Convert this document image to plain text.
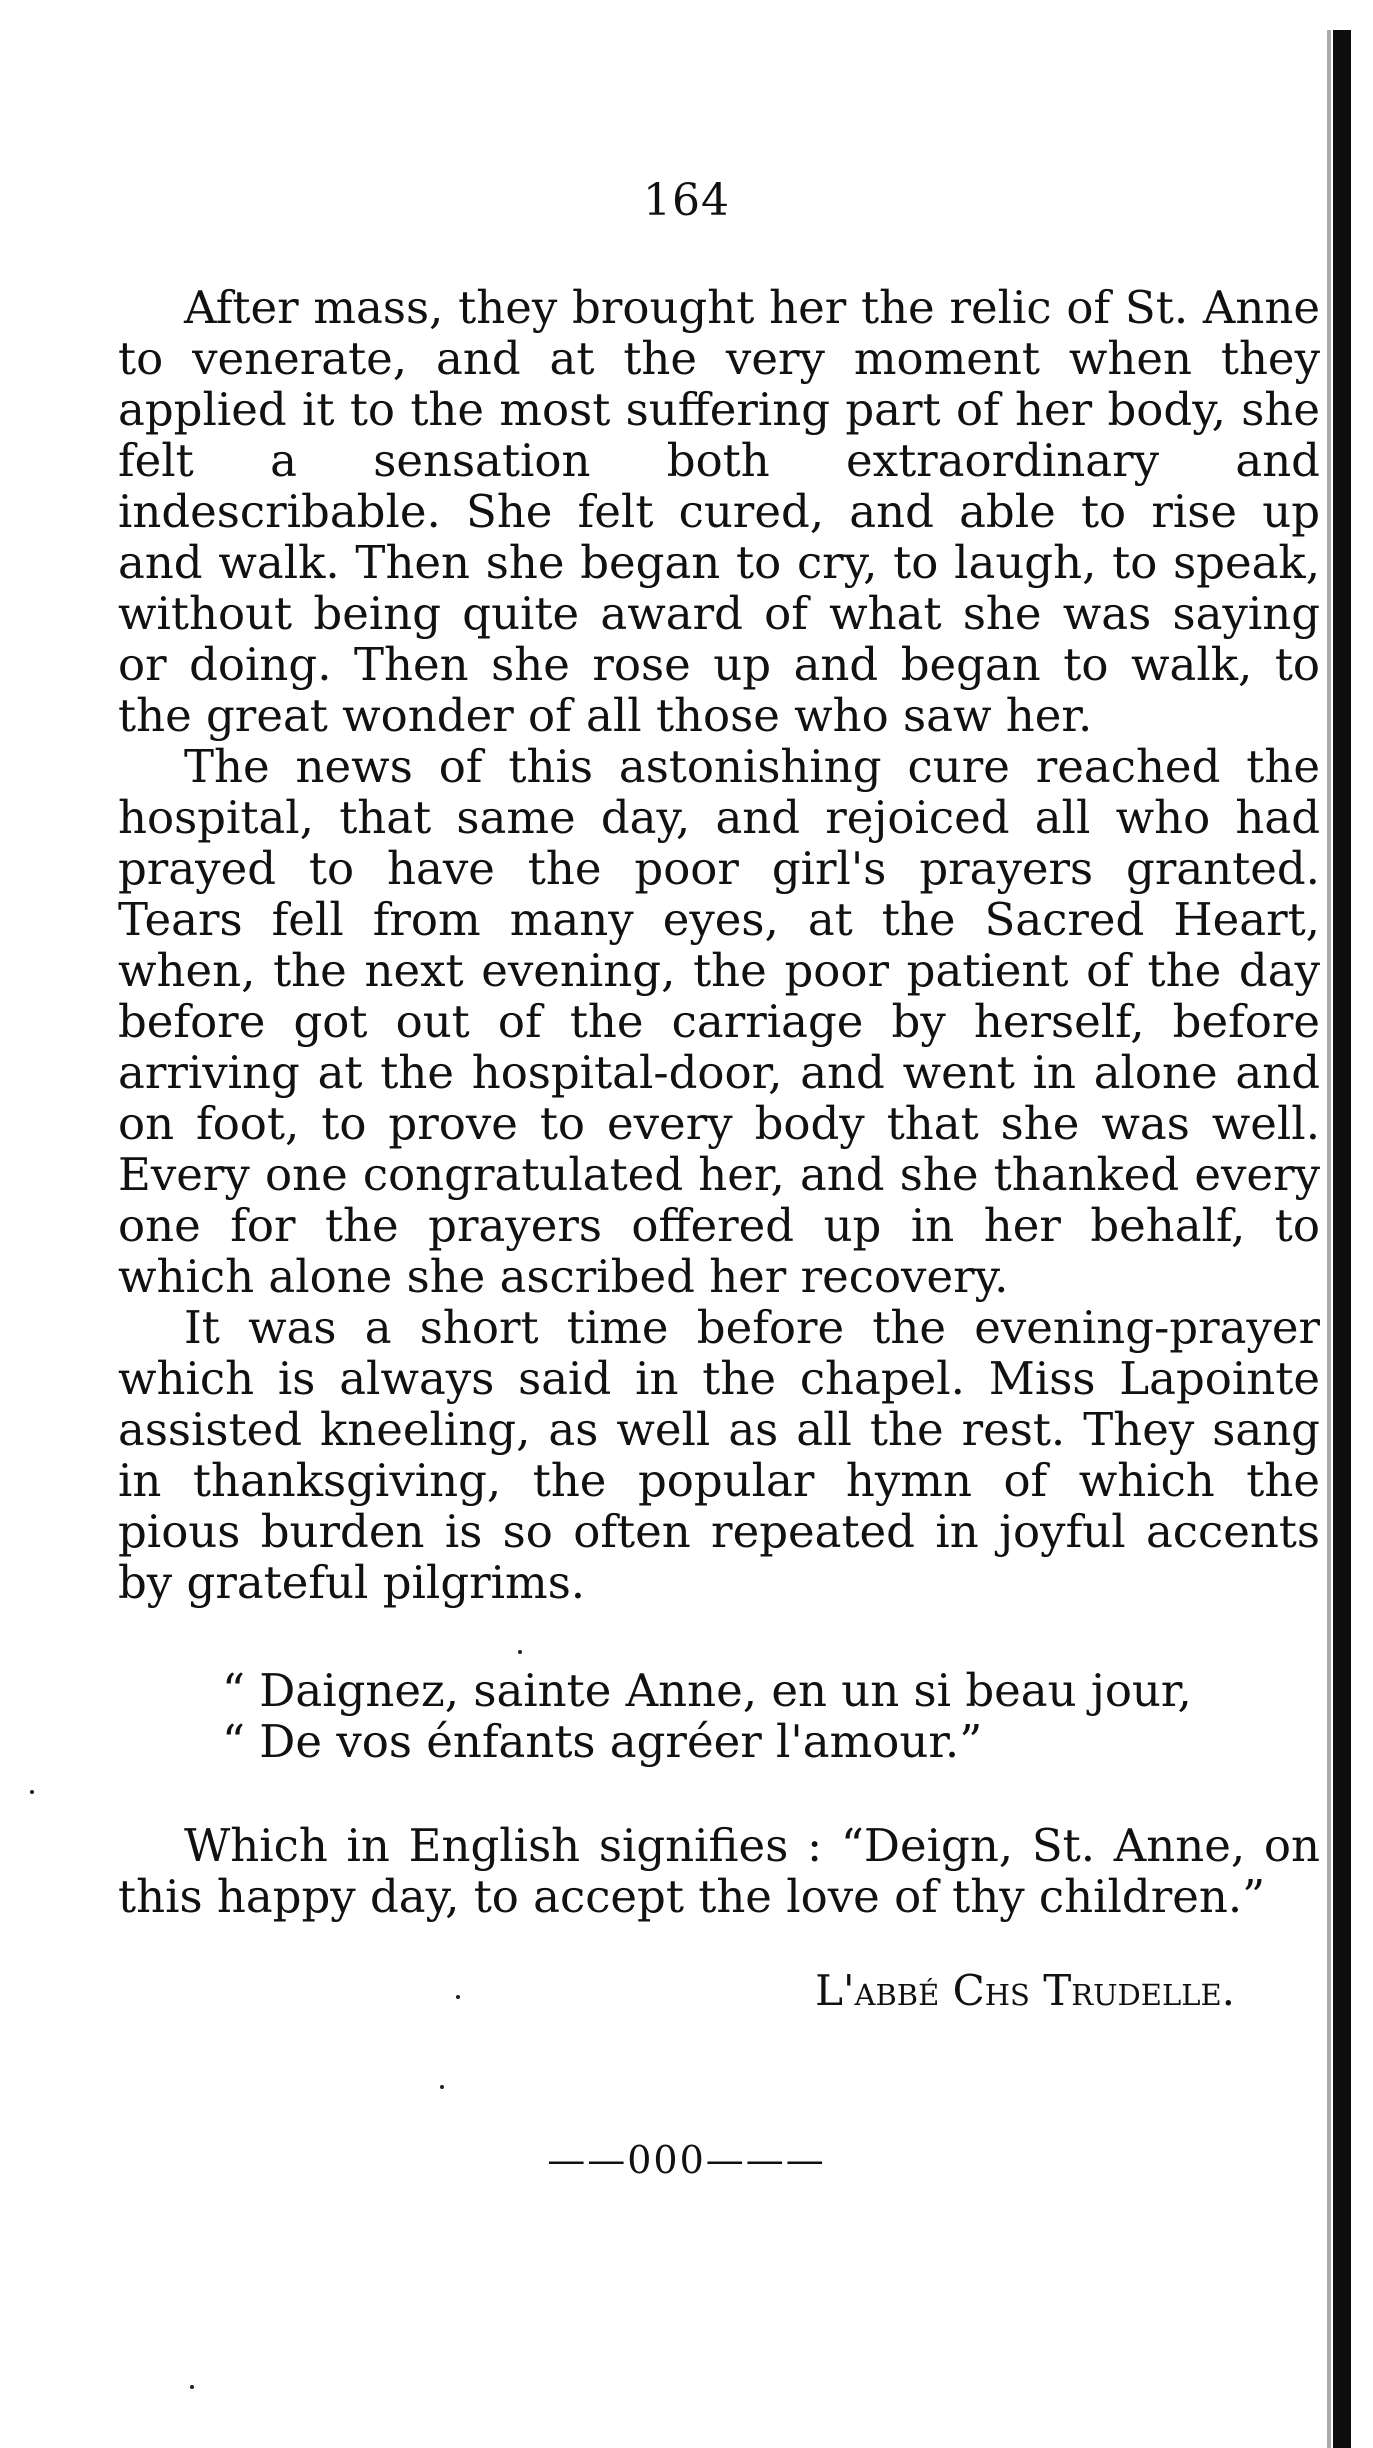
164

After mass, they brought her the relic of St. Anne to venerate, and at the very moment when they applied it to the most suffering part of her body, she felt a sensation both extraordinary and indescribable. She felt cured, and able to rise up and walk. Then she began to cry, to laugh, to speak, without being quite award of what she was saying or doing. Then she rose up and began to walk, to the great wonder of all those who saw her.

The news of this astonishing cure reached the hospital, that same day, and rejoiced all who had prayed to have the poor girl's prayers granted. Tears fell from many eyes, at the Sacred Heart, when, the next evening, the poor patient of the day before got out of the carriage by herself, before arriving at the hospital-door, and went in alone and on foot, to prove to every body that she was well. Every one congratulated her, and she thanked every one for the prayers offered up in her behalf, to which alone she ascribed her recovery.

It was a short time before the evening-prayer which is always said in the chapel. Miss Lapointe assisted kneeling, as well as all the rest. They sang in thanksgiving, the popular hymn of which the pious burden is so often repeated in joyful accents by grateful pilgrims.

“ Daignez, sainte Anne, en un si beau jour,
“ De vos énfants agréer l'amour.”

Which in English signifies : “Deign, St. Anne, on this happy day, to accept the love of thy children.”

L'abbé Chs Trudelle.
——000———
